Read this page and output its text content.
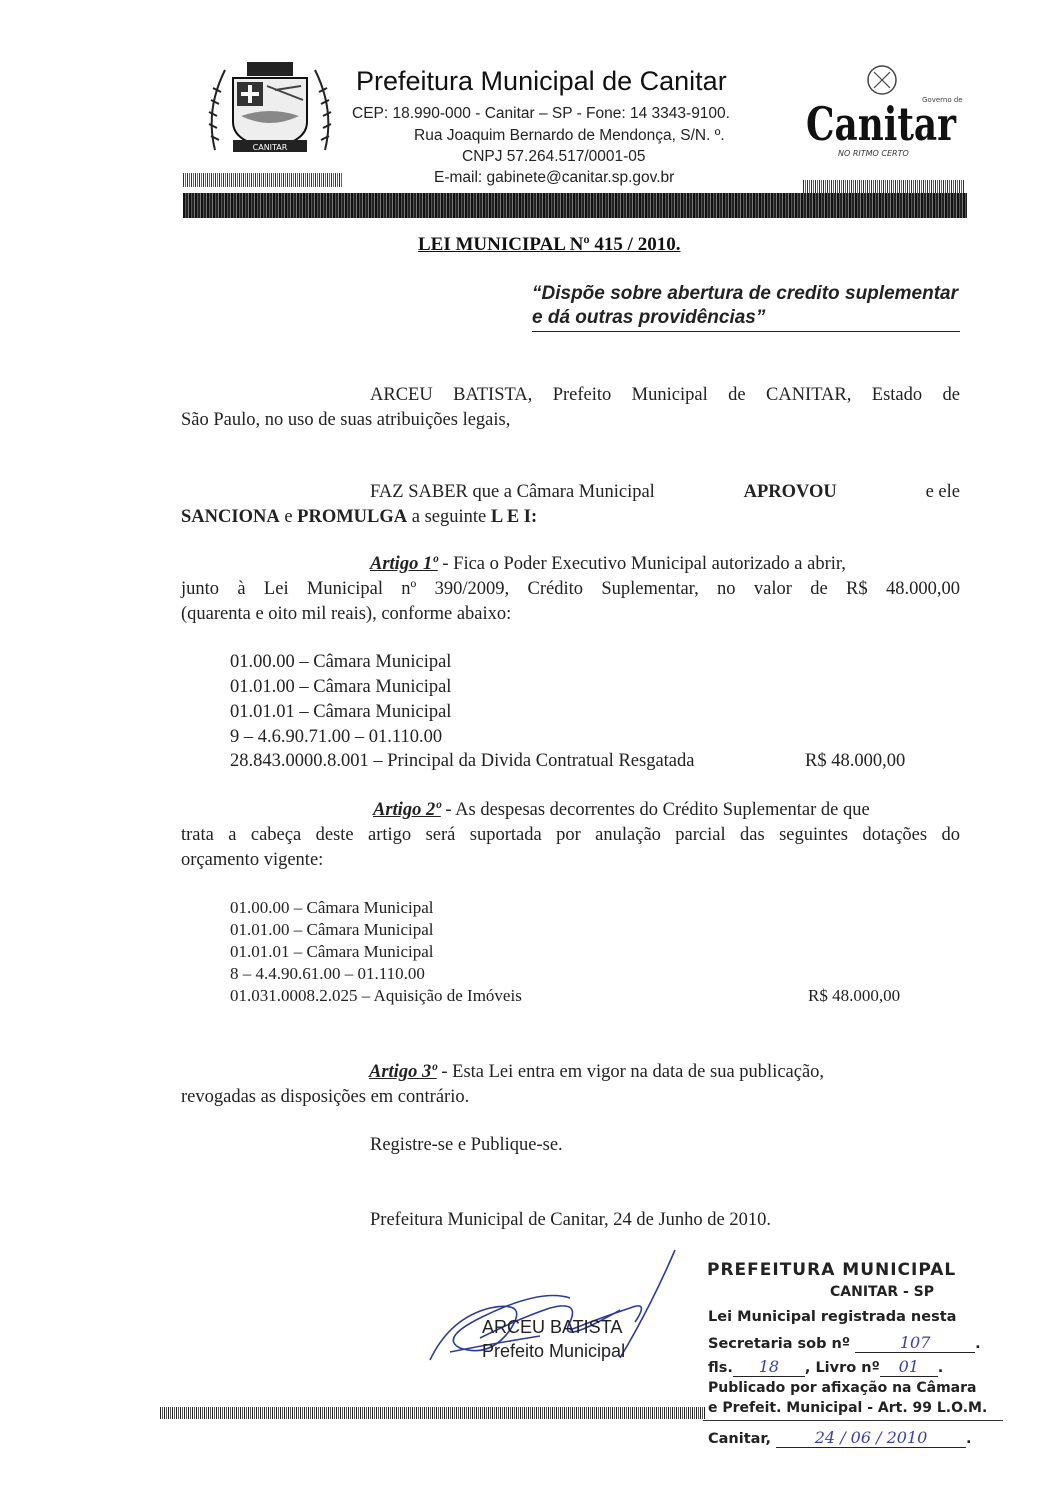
CANITAR
Prefeitura Municipal de Canitar
CEP: 18.990-000 - Canitar – SP - Fone: 14 3343-9100.
Rua Joaquim Bernardo de Mendonça, S/N. º.
CNPJ 57.264.517/0001-05
E-mail: gabinete@canitar.sp.gov.br
Governo de
Canitar
NO RITMO CERTO
LEI MUNICIPAL Nº 415 / 2010.
“Dispõe sobre abertura de credito suplementar e dá outras providências”
ARCEU BATISTA, Prefeito Municipal de CANITAR, Estado de
São Paulo, no uso de suas atribuições legais,
FAZ SABER que a Câmara Municipal	APROVOU	e ele
SANCIONA e PROMULGA a seguinte L E I:
Artigo 1º - Fica o Poder Executivo Municipal autorizado a abrir,
junto à Lei Municipal nº 390/2009, Crédito Suplementar, no valor de R$ 48.000,00
(quarenta e oito mil reais), conforme abaixo:
01.00.00 – Câmara Municipal
01.01.00 – Câmara Municipal
01.01.01 – Câmara Municipal
9 – 4.6.90.71.00 – 01.110.00
28.843.0000.8.001 – Principal da Divida Contratual Resgatada	R$ 48.000,00
Artigo 2º - As despesas decorrentes do Crédito Suplementar de que
trata a cabeça deste artigo será suportada por anulação parcial das seguintes dotações do
orçamento vigente:
01.00.00 – Câmara Municipal
01.01.00 – Câmara Municipal
01.01.01 – Câmara Municipal
8 – 4.4.90.61.00 – 01.110.00
01.031.0008.2.025 – Aquisição de Imóveis	R$ 48.000,00
Artigo 3º - Esta Lei entra em vigor na data de sua publicação,
revogadas as disposições em contrário.
Registre-se e Publique-se.
Prefeitura Municipal de Canitar, 24 de Junho de 2010.
ARCEU BATISTA
Prefeito Municipal
PREFEITURA MUNICIPAL
CANITAR - SP
Lei Municipal registrada nesta
Secretaria sob nº	107	.
fls. 18 , Livro nº 01 .
Publicado por afixação na Câmara
e Prefeit. Municipal - Art. 99 L.O.M.
Canitar,	24 / 06 / 2010	.
